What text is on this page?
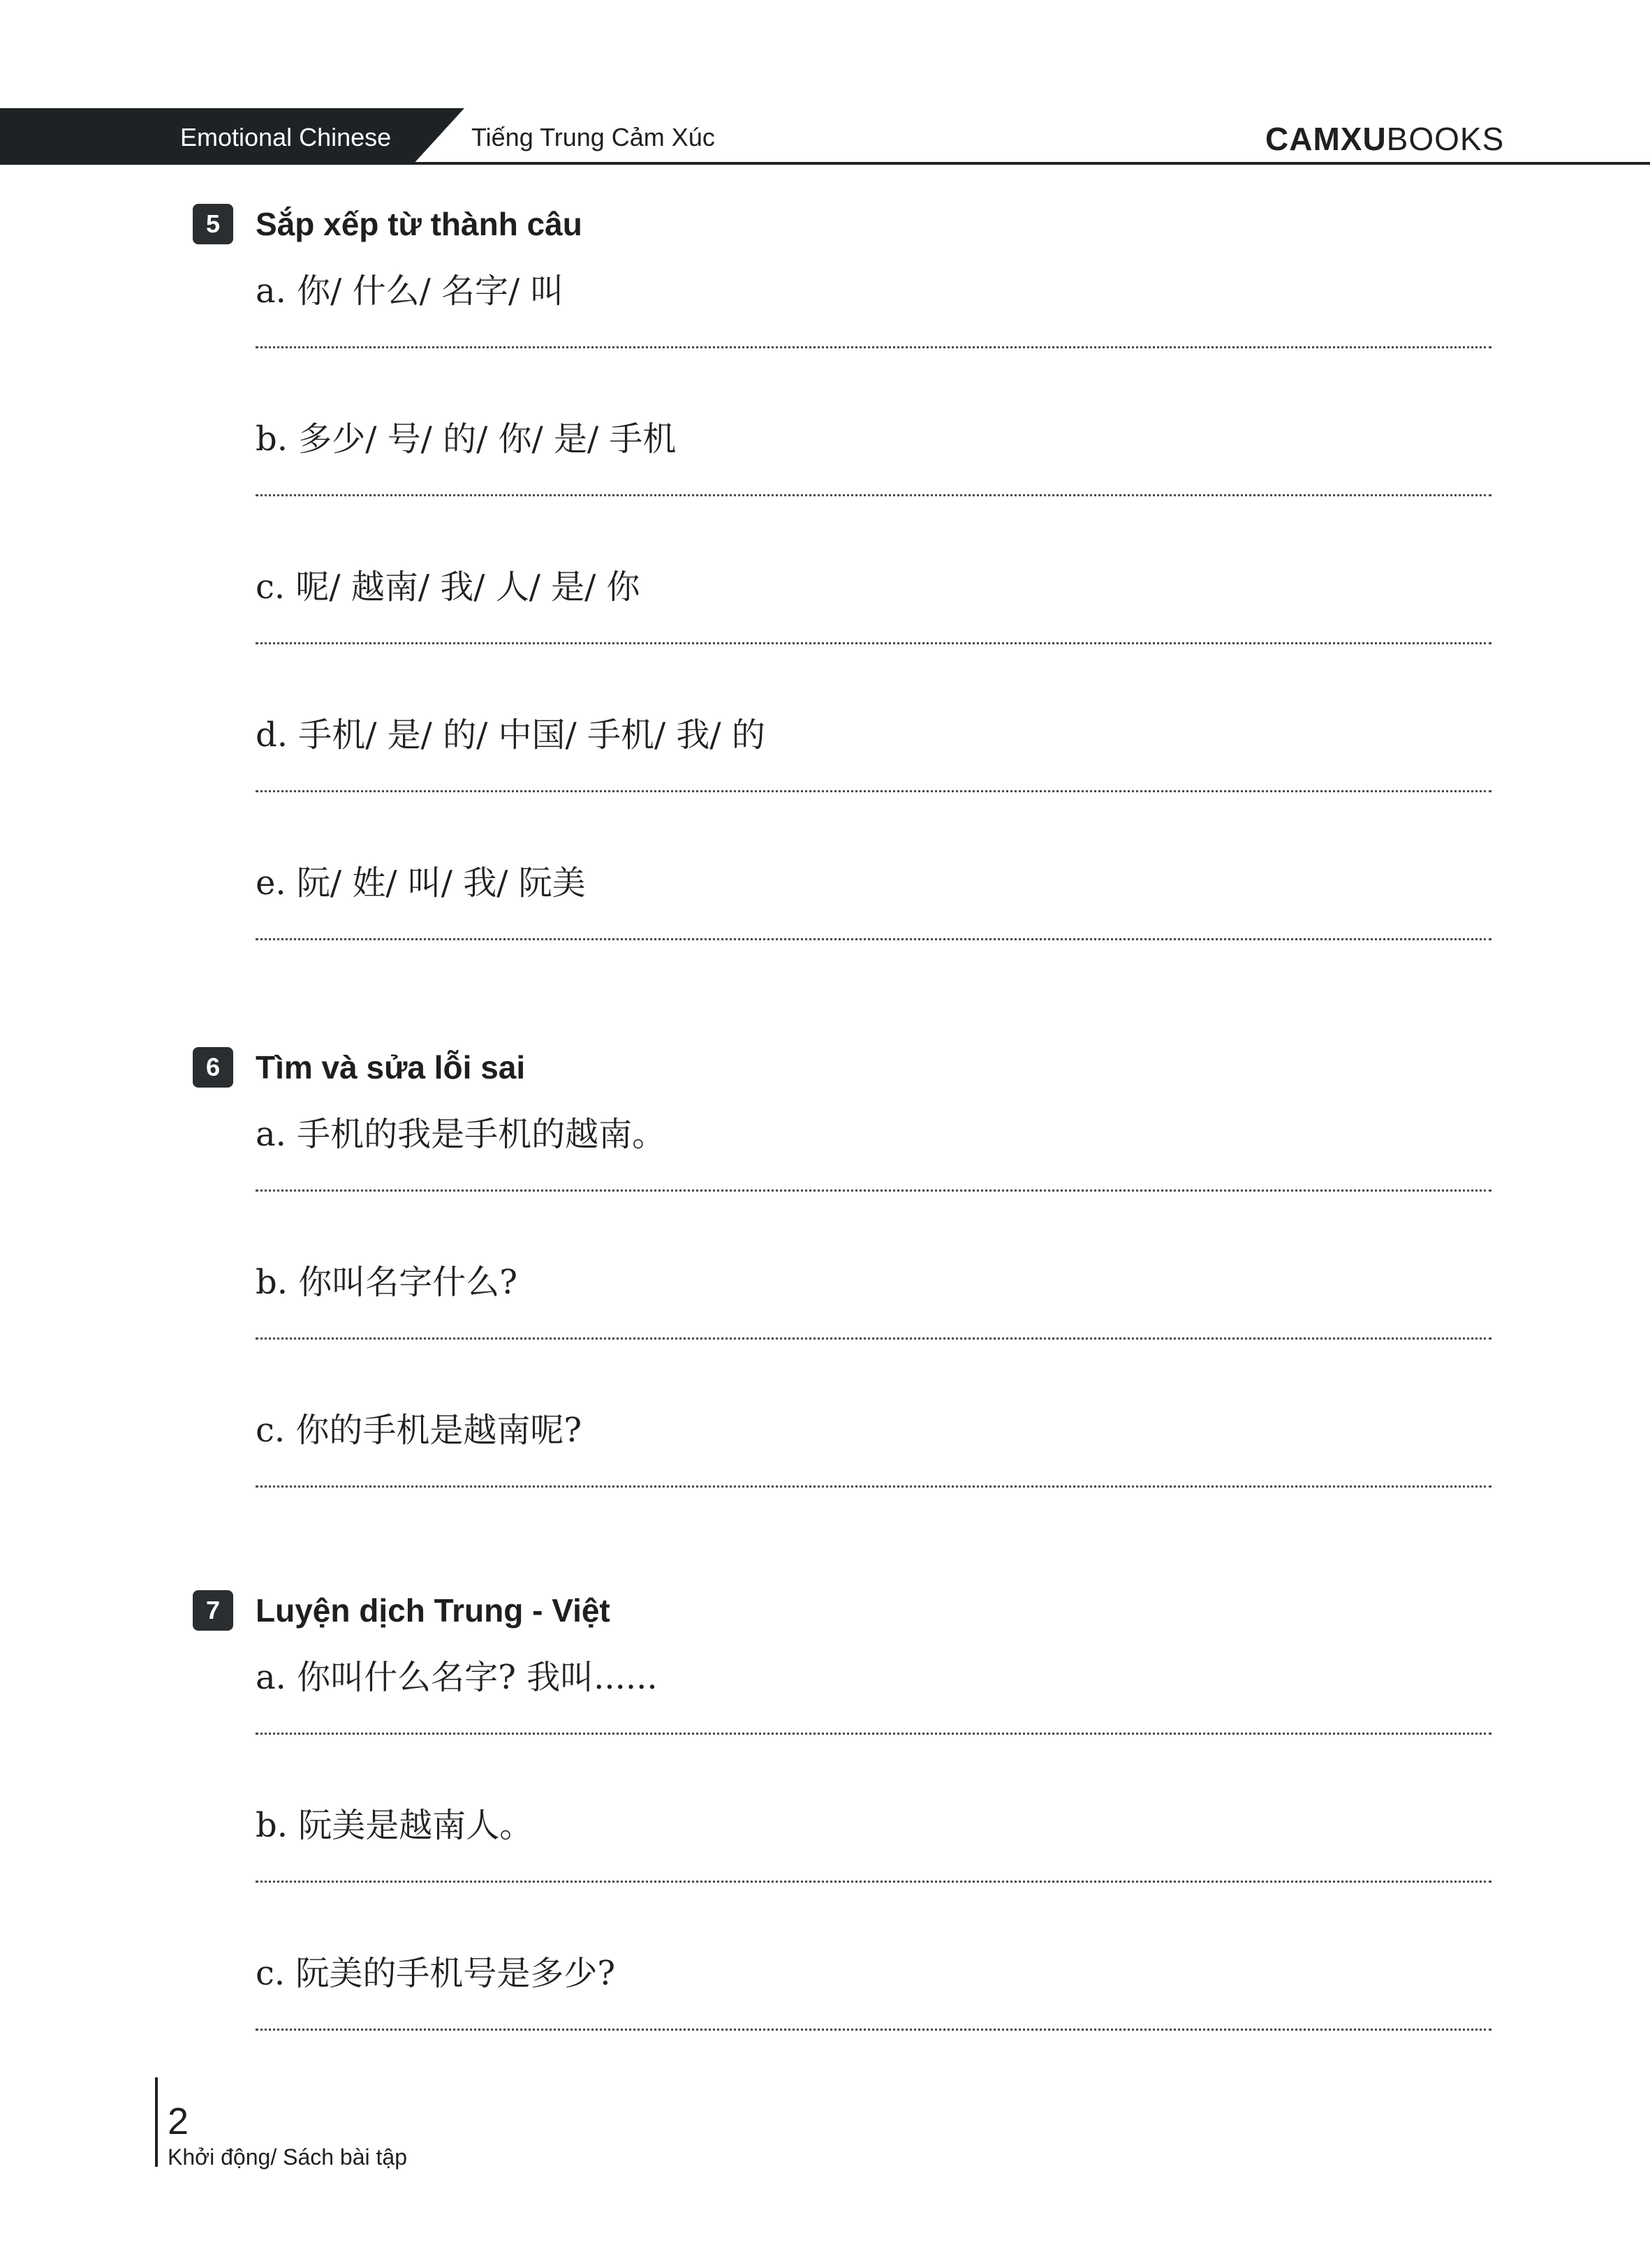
Emotional Chinese	Tiếng Trung Cảm Xúc	CAMXUBOOKS
5	Sắp xếp từ thành câu
a. 你/ 什么/ 名字/ 叫
b. 多少/ 号/ 的/ 你/ 是/ 手机
c. 呢/ 越南/ 我/ 人/ 是/ 你
d. 手机/ 是/ 的/ 中国/ 手机/ 我/ 的
e. 阮/ 姓/ 叫/ 我/ 阮美
6	Tìm và sửa lỗi sai
a. 手机的我是手机的越南。
b. 你叫名字什么?
c. 你的手机是越南呢?
7	Luyện dịch Trung - Việt
a. 你叫什么名字? 我叫......
b. 阮美是越南人。
c. 阮美的手机号是多少?
2
Khởi động/ Sách bài tập
